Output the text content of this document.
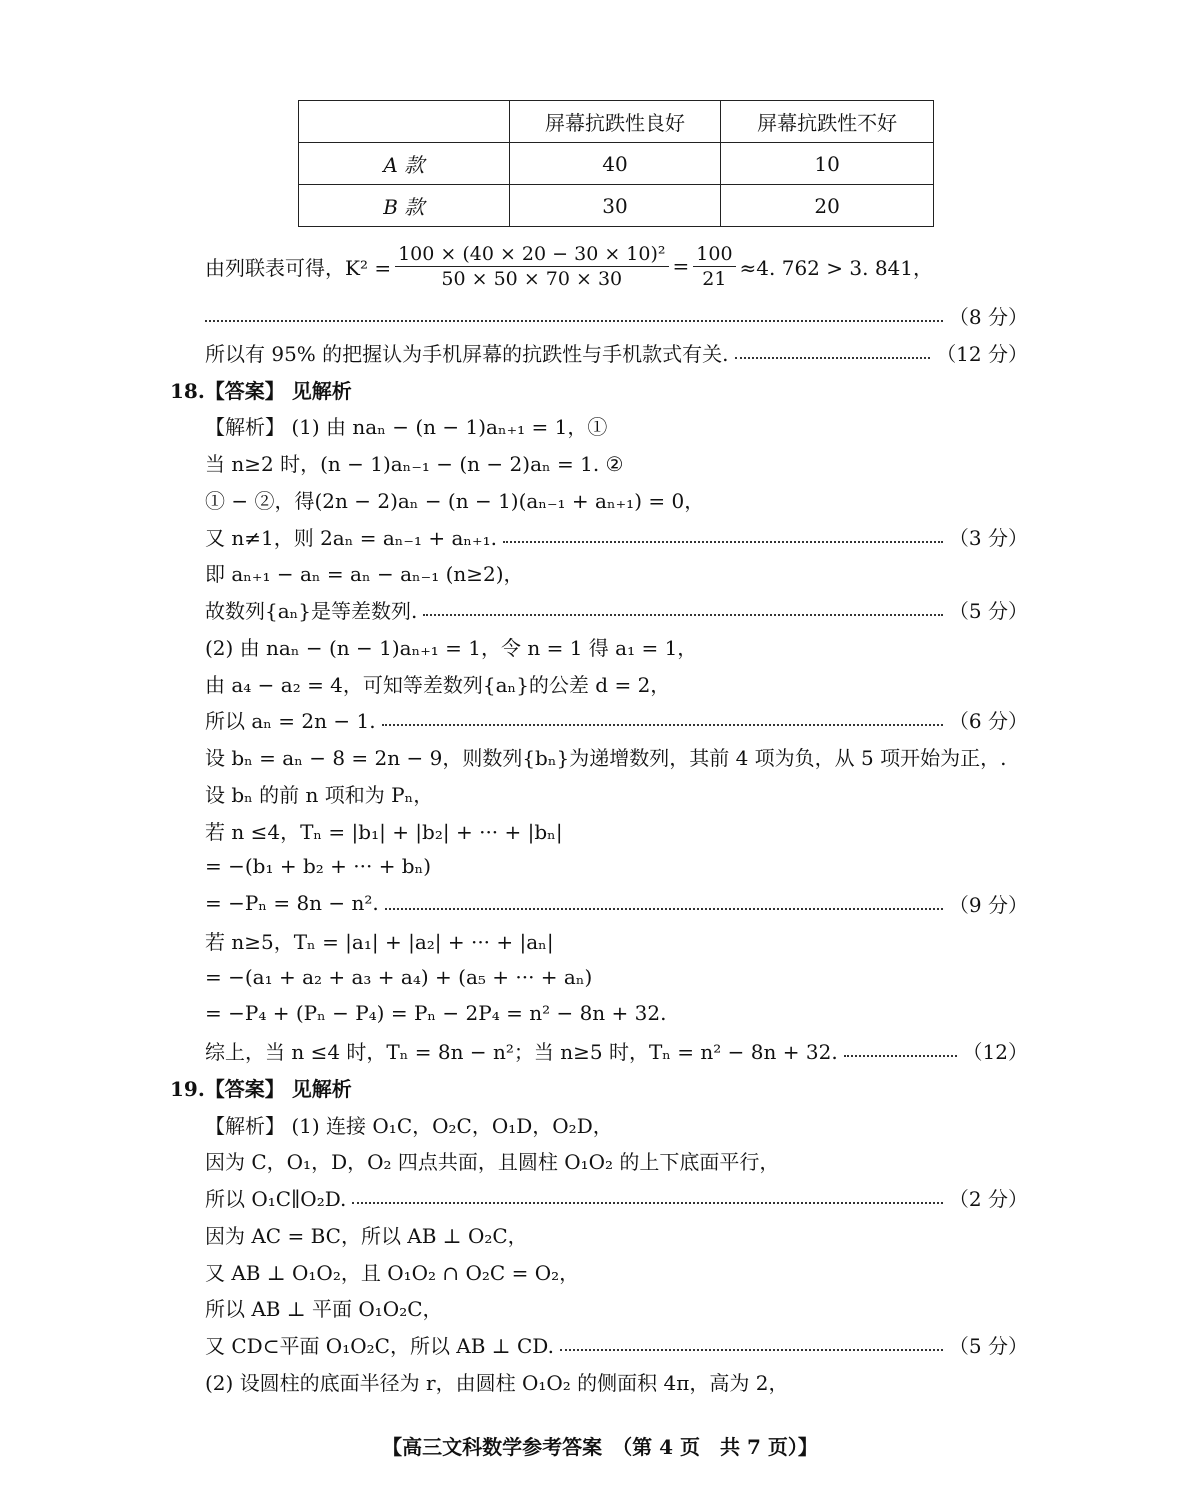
	屏幕抗跌性良好	屏幕抗跌性不好
A 款	40	10
B 款	30	20
由列联表可得，$K^2 = \frac{\text{100 × (40 × 20 − 30 × 10)²}}{50 \times 50 \times 70 \times 30} = \frac{100}{21} \approx 4$. 762 > 3. 841，
（8 分）
所以有 95% 的把握认为手机屏幕的抗跌性与手机款式有关.	（12 分）
18.【答案】 见解析
【解析】 (1) 由 naₙ − (n − 1)aₙ₊₁ = 1，①
当 n≥2 时，(n − 1)aₙ₋₁ − (n − 2)aₙ = 1. ②
① − ②，得(2n − 2)aₙ − (n − 1)(aₙ₋₁ + aₙ₊₁) = 0，
又 n≠1，则 2aₙ = aₙ₋₁ + aₙ₊₁.	（3 分）
即 aₙ₊₁ − aₙ = aₙ − aₙ₋₁ (n≥2)，
故数列{aₙ}是等差数列.	（5 分）
(2) 由 naₙ − (n − 1)aₙ₊₁ = 1，令 n = 1 得 a₁ = 1，
由 a₄ − a₂ = 4，可知等差数列{aₙ}的公差 d = 2，
所以 aₙ = 2n − 1.	（6 分）
设 bₙ = aₙ − 8 = 2n − 9，则数列{bₙ}为递增数列，其前 4 项为负，从 5 项开始为正，.
设 bₙ 的前 n 项和为 Pₙ，
若 n ≤4，Tₙ = |b₁| + |b₂| + ··· + |bₙ|
= −(b₁ + b₂ + ··· + bₙ)
= −Pₙ = 8n − n².	（9 分）
若 n≥5，Tₙ = |a₁| + |a₂| + ··· + |aₙ|
= −(a₁ + a₂ + a₃ + a₄) + (a₅ + ··· + aₙ)
= −P₄ + (Pₙ − P₄) = Pₙ − 2P₄ = n² − 8n + 32.
综上，当 n ≤4 时，Tₙ = 8n − n²；当 n≥5 时，Tₙ = n² − 8n + 32.	（12）
19.【答案】 见解析
【解析】 (1) 连接 O₁C，O₂C，O₁D，O₂D，
因为 C，O₁，D，O₂ 四点共面，且圆柱 O₁O₂ 的上下底面平行，
所以 O₁C∥O₂D.	（2 分）
因为 AC = BC，所以 AB ⊥ O₂C，
又 AB ⊥ O₁O₂，且 O₁O₂ ∩ O₂C = O₂，
所以 AB ⊥ 平面 O₁O₂C，
又 CD⊂平面 O₁O₂C，所以 AB ⊥ CD.	（5 分）
(2) 设圆柱的底面半径为 r，由圆柱 O₁O₂ 的侧面积 4π，高为 2，
【高三文科数学参考答案　（第 4 页　共 7 页）】
